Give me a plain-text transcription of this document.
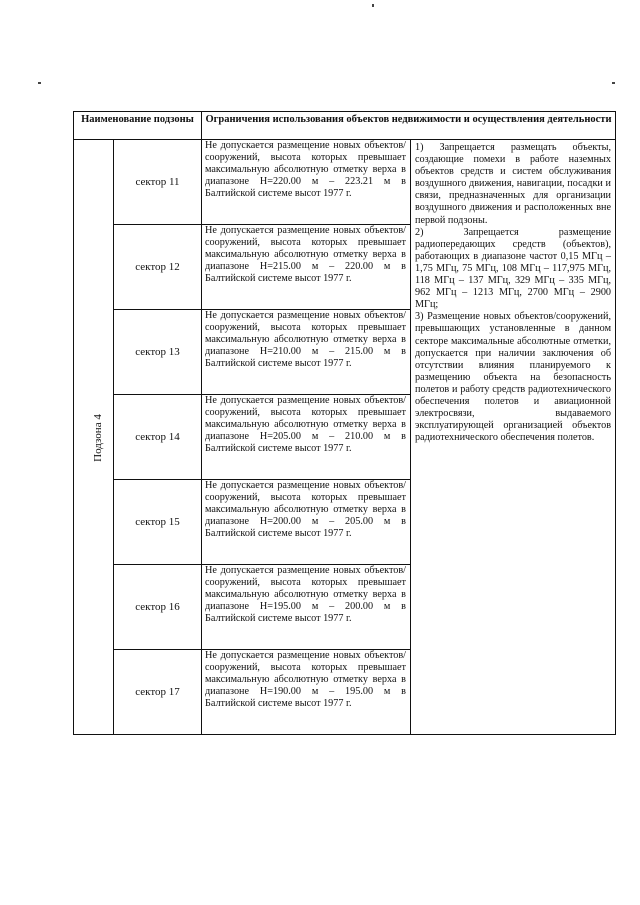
Наименование подзоны		Ограничения использования объектов недвижимости и осуществления деятельности	

Подзона 4	сектор 11	Не допускается размещение новых объектов/сооружений, высота которых превышает максимальную абсолютную отметку верха в диапазоне Н=220.00 м – 223.21 м в Балтийской системе высот 1977 г.	1) Запрещается размещать объекты, создающие помехи в работе наземных объектов средств и систем обслуживания воздушного движения, навигации, посадки и связи, предназначенных для организации воздушного движения и расположенных вне первой подзоны.

2) Запрещается размещение радиопередающих средств (объектов), работающих в диапазоне частот 0,15 МГц – 1,75 МГц, 75 МГц, 108 МГц – 117,975 МГц, 118 МГц – 137 МГц, 329 МГц – 335 МГц, 962 МГц – 1213 МГц, 2700 МГц – 2900 МГц;

3) Размещение новых объектов/сооружений, превышающих установленные в данном секторе максимальные абсолютные отметки, допускается при наличии заключения об отсутствии влияния планируемого к размещению объекта на безопасность полетов и работу средств радиотехнического обеспечения полетов и авиационной электросвязи, выдаваемого эксплуатирующей организацией объектов радиотехнического обеспечения полетов.

	сектор 12	Не допускается размещение новых объектов/сооружений, высота которых превышает максимальную абсолютную отметку верха в диапазоне Н=215.00 м – 220.00 м в Балтийской системе высот 1977 г.	

	сектор 13	Не допускается размещение новых объектов/сооружений, высота которых превышает максимальную абсолютную отметку верха в диапазоне Н=210.00 м – 215.00 м в Балтийской системе высот 1977 г.	

	сектор 14	Не допускается размещение новых объектов/сооружений, высота которых превышает максимальную абсолютную отметку верха в диапазоне Н=205.00 м – 210.00 м в Балтийской системе высот 1977 г.	

	сектор 15	Не допускается размещение новых объектов/сооружений, высота которых превышает максимальную абсолютную отметку верха в диапазоне Н=200.00 м – 205.00 м в Балтийской системе высот 1977 г.	

	сектор 16	Не допускается размещение новых объектов/сооружений, высота которых превышает максимальную абсолютную отметку верха в диапазоне Н=195.00 м – 200.00 м в Балтийской системе высот 1977 г.	

	сектор 17	Не допускается размещение новых объектов/сооружений, высота которых превышает максимальную абсолютную отметку верха в диапазоне Н=190.00 м – 195.00 м в Балтийской системе высот 1977 г.	
